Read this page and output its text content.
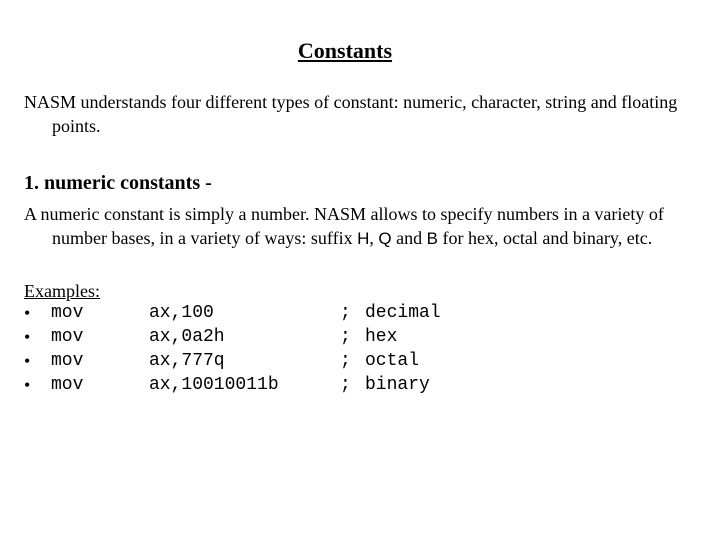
Constants
NASM understands four different types of constant: numeric, character, string and floating points.
1. numeric constants -
A numeric constant is simply a number. NASM allows to specify numbers in a variety of number bases, in a variety of ways: suffix H, Q and B for hex, octal and binary, etc.
Examples:
• mov	ax,100	; decimal
• mov	ax,0a2h	; hex
• mov	ax,777q	; octal
• mov	ax,10010011b	; binary
